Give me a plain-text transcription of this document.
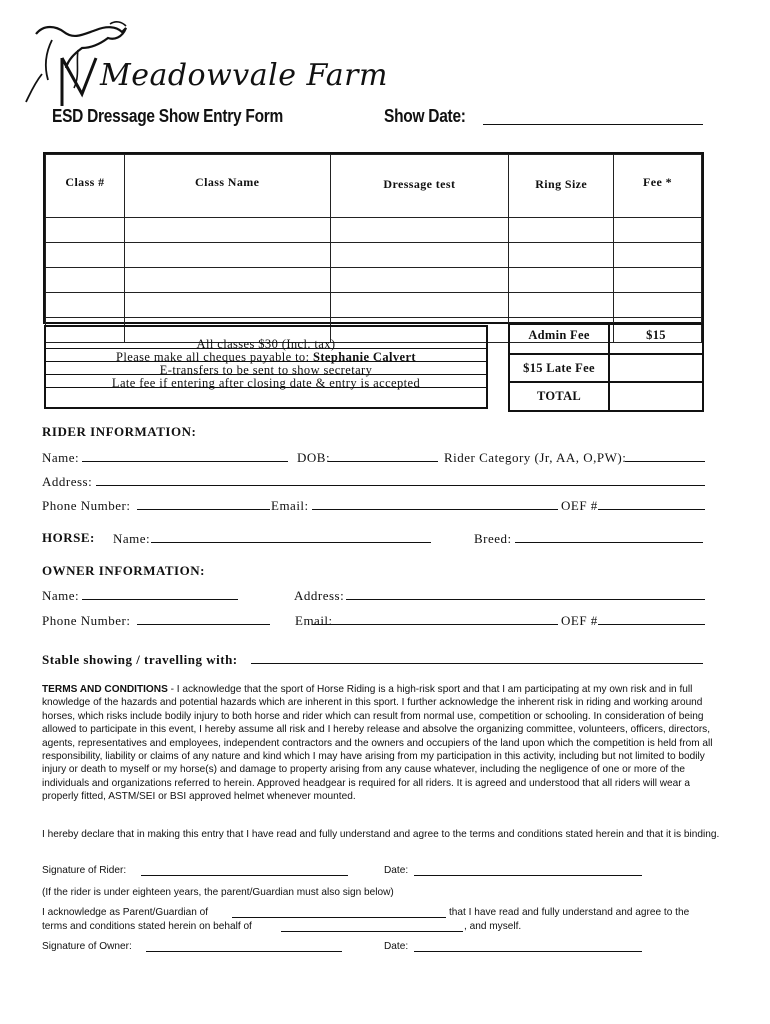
Meadowvale Farm
ESD Dressage Show Entry Form	Show Date:
Class #	Class Name	Dressage test	Ring Size	Fee *

All classes $30 (Incl. tax)
Please make all cheques payable to: Stephanie Calvert
E-transfers to be sent to show secretary
Late fee if entering after closing date & entry is accepted
Admin Fee	$15
$15 Late Fee	
TOTAL	
RIDER INFORMATION:
Name:	DOB:	Rider Category (Jr, AA, O,PW):
Address:
Phone Number:	Email:	OEF #
HORSE: Name:	Breed:
OWNER INFORMATION:
Name:	Address:
Phone Number:	Email:	OEF #
Stable showing / travelling with:
TERMS AND CONDITIONS - I acknowledge that the sport of Horse Riding is a high-risk sport and that I am participating at my own risk and in full knowledge of the hazards and potential hazards which are inherent in this sport. I further acknowledge the inherent risk in riding and working around horses, which risks include bodily injury to both horse and rider which can result from normal use, competition or schooling. In consideration of being allowed to participate in this event, I hereby assume all risk and I hereby release and absolve the organizing committee, volunteers, officers, directors, agents, representatives and employees, independent contractors and the owners and occupiers of the land upon which the competition is held from all responsibility, liability or claims of any nature and kind which I may have arising from my participation in this activity, including but not limited to bodily injury or death to myself or my horse(s) and damage to property arising from any cause whatever, including the negligence of one or more of the individuals and organizations referred to herein. Approved headgear is required for all riders. It is agreed and understood that all riders will wear a properly fitted, ASTM/SEI or BSI approved helmet whenever mounted.
I hereby declare that in making this entry that I have read and fully understand and agree to the terms and conditions stated herein and that it is binding.
Signature of Rider:	Date:
(If the rider is under eighteen years, the parent/Guardian must also sign below)
I acknowledge as Parent/Guardian of	that I have read and fully understand and agree to the
terms and conditions stated herein on behalf of	, and myself.
Signature of Owner:	Date:
